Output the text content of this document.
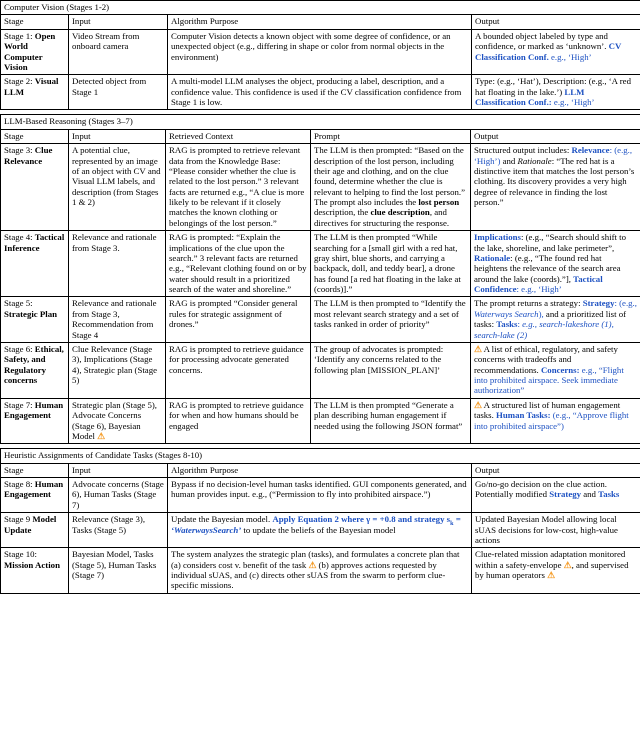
Computer Vision (Stages 1-2)			
Stage	Input	Algorithm Purpose	Output
Stage 1: Open World Computer Vision	Video Stream from onboard camera	Computer Vision detects a known object with some degree of confidence, or an unexpected object (e.g., differing in shape or color from normal objects in the environment)	A bounded object labeled by type and confidence, or marked as ‘unknown’. CV Classification Conf. e.g., ‘High’
Stage 2: Visual LLM	Detected object from Stage 1	A multi-model LLM analyses the object, producing a label, description, and a confidence value. This confidence is used if the CV classification confidence from Stage 1 is low.	Type: (e.g., ‘Hat’), Description: (e.g., ‘A red hat floating in the lake.’) LLM Classification Conf.: e.g., ‘High’
LLM-Based Reasoning (Stages 3–7)				
Stage	Input	Retrieved Context	Prompt	Output
Stage 3: Clue Relevance	A potential clue, represented by an image of an object with CV and Visual LLM labels, and description (from Stages 1 & 2)	RAG is prompted to retrieve relevant data from the Knowledge Base: “Please consider whether the clue is related to the lost person.” 3 relevant facts are returned e.g., “A clue is more likely to be relevant if it closely matches the known clothing or belongings of the lost person.”	The LLM is then prompted: “Based on the description of the lost person, including their age and clothing, and on the clue found, determine whether the clue is relevant to helping to find the lost person.” The prompt also includes the lost person description, the clue description, and directives for structuring the response.	Structured output includes: Relevance: (e.g., ‘High’) and Rationale: “The red hat is a distinctive item that matches the lost person’s clothing. Its discovery provides a very high degree of relevance in finding the lost person.”
Stage 4: Tactical Inference	Relevance and rationale from Stage 3.	RAG is prompted: “Explain the implications of the clue upon the search.” 3 relevant facts are returned e.g., “Relevant clothing found on or by water should result in a prioritized search of the water and shoreline.”	The LLM is then prompted “While searching for a [small girl with a red hat, gray shirt, blue shorts, and carrying a backpack, doll, and teddy bear], a drone has found [a red hat floating in the lake at (coords)].”	Implications: (e.g., “Search should shift to the lake, shoreline, and lake perimeter”, Rationale: (e.g., “The found red hat heightens the relevance of the search area around the lake (coords).”], Tactical Confidence: e.g., ‘High’
Stage 5: Strategic Plan	Relevance and rationale from Stage 3, Recommendation from Stage 4	RAG is prompted “Consider general rules for strategic assignment of drones.”	The LLM is then prompted to “Identify the most relevant search strategy and a set of tasks ranked in order of priority”	The prompt returns a strategy: Strategy: (e.g., Waterways Search), and a prioritized list of tasks: Tasks: e.g., search-lakeshore (1), search-lake (2)
Stage 6: Ethical, Safety, and Regulatory concerns	Clue Relevance (Stage 3), Implications (Stage 4), Strategic plan (Stage 5)	RAG is prompted to retrieve guidance for processing advocate generated concerns.	The group of advocates is prompted: ‘Identify any concerns related to the following plan [MISSION_PLAN]’	⚠ A list of ethical, regulatory, and safety concerns with tradeoffs and recommendations. Concerns: e.g., “Flight into prohibited airspace. Seek immediate authorization”
Stage 7: Human Engagement	Strategic plan (Stage 5), Advocate Concerns (Stage 6), Bayesian Model ⚠	RAG is prompted to retrieve guidance for when and how humans should be engaged	The LLM is then prompted “Generate a plan describing human engagement if needed using the following JSON format”	⚠ A structured list of human engagement tasks. Human Tasks: (e.g., “Approve flight into prohibited airspace”)
Heuristic Assignments of Candidate Tasks (Stages 8-10)			
Stage	Input	Algorithm Purpose	Output
Stage 8: Human Engagement	Advocate concerns (Stage 6), Human Tasks (Stage 7)	Bypass if no decision-level human tasks identified. GUI components generated, and human provides input. e.g., (“Permission to fly into prohibited airspace.”)	Go/no-go decision on the clue action. Potentially modified Strategy and Tasks
Stage 9 Model Update	Relevance (Stage 3), Tasks (Stage 5)	Update the Bayesian model. Apply Equation 2 where γ = +0.8 and strategy $s_k$ = ‘WaterwaysSearch’ to update the beliefs of the Bayesian model	Updated Bayesian Model allowing local sUAS decisions for low-cost, high-value actions
Stage 10: Mission Action	Bayesian Model, Tasks (Stage 5), Human Tasks (Stage 7)	The system analyzes the strategic plan (tasks), and formulates a concrete plan that (a) considers cost v. benefit of the task ⚠ (b) approves actions requested by individual sUAS, and (c) directs other sUAS from the swarm to perform clue-specific missions.	Clue-related mission adaptation monitored within a safety-envelope ⚠, and supervised by human operators ⚠
